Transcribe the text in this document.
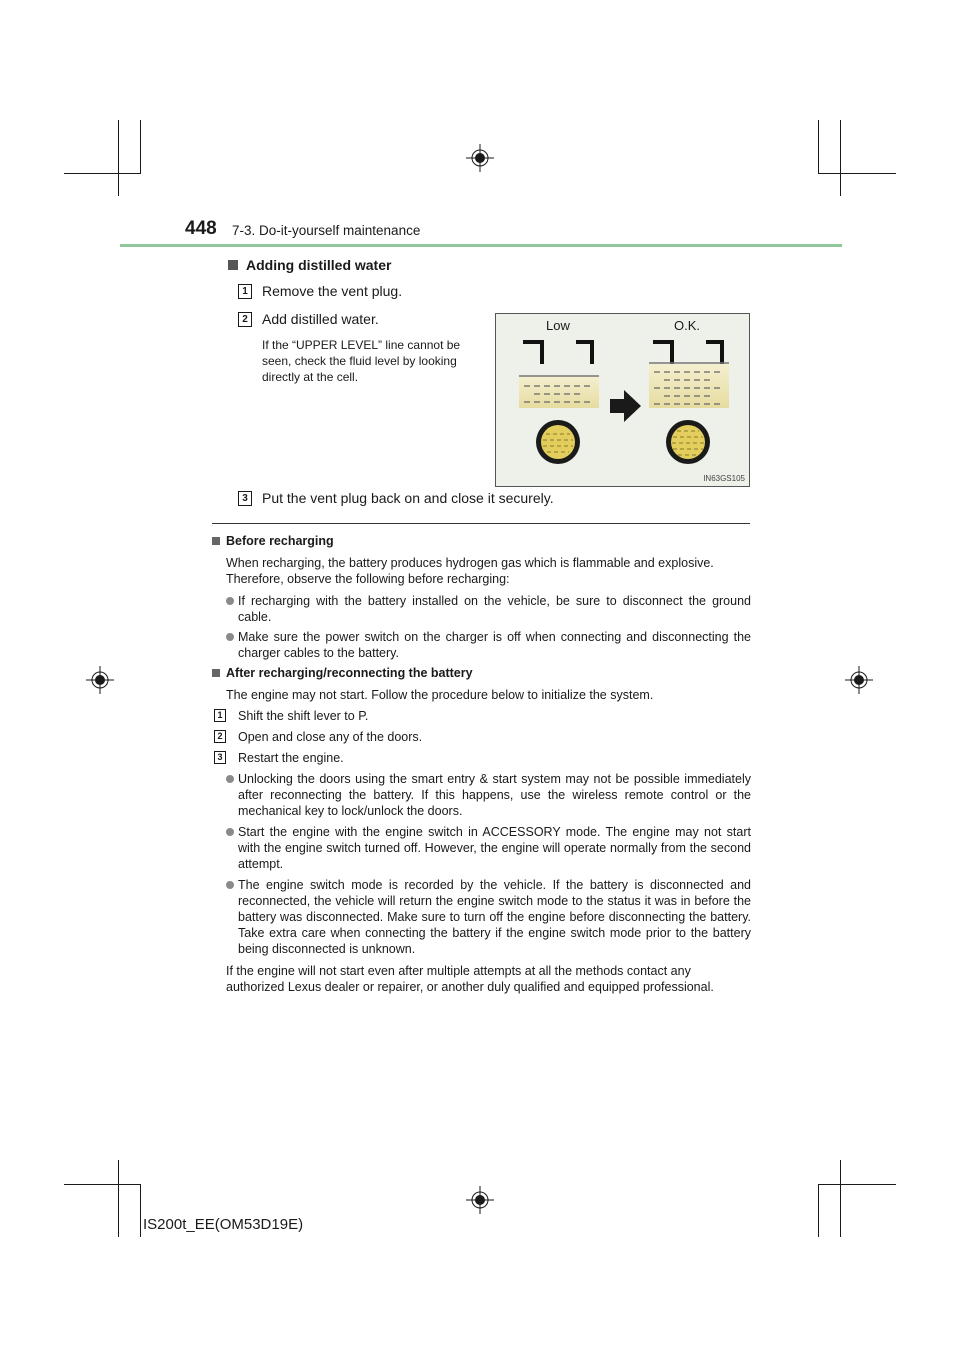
448 7-3. Do-it-yourself maintenance
Adding distilled water
1	Remove the vent plug.
2	Add distilled water.
If the “UPPER LEVEL” line cannot be seen, check the fluid level by looking directly at the cell.
Low	O.K.
IN63GS105
3	Put the vent plug back on and close it securely.
Before recharging
When recharging, the battery produces hydrogen gas which is flammable and explosive. Therefore, observe the following before recharging:
If recharging with the battery installed on the vehicle, be sure to disconnect the ground cable.
Make sure the power switch on the charger is off when connecting and disconnecting the charger cables to the battery.
After recharging/reconnecting the battery
The engine may not start. Follow the procedure below to initialize the system.
1 Shift the shift lever to P.
2 Open and close any of the doors.
3 Restart the engine.
Unlocking the doors using the smart entry & start system may not be possible immediately after reconnecting the battery. If this happens, use the wireless remote control or the mechanical key to lock/unlock the doors.
Start the engine with the engine switch in ACCESSORY mode. The engine may not start with the engine switch turned off. However, the engine will operate normally from the second attempt.
The engine switch mode is recorded by the vehicle. If the battery is disconnected and reconnected, the vehicle will return the engine switch mode to the status it was in before the battery was disconnected. Make sure to turn off the engine before disconnecting the battery. Take extra care when connecting the battery if the engine switch mode prior to the battery being disconnected is unknown.
If the engine will not start even after multiple attempts at all the methods contact any authorized Lexus dealer or repairer, or another duly qualified and equipped professional.
IS200t_EE(OM53D19E)
